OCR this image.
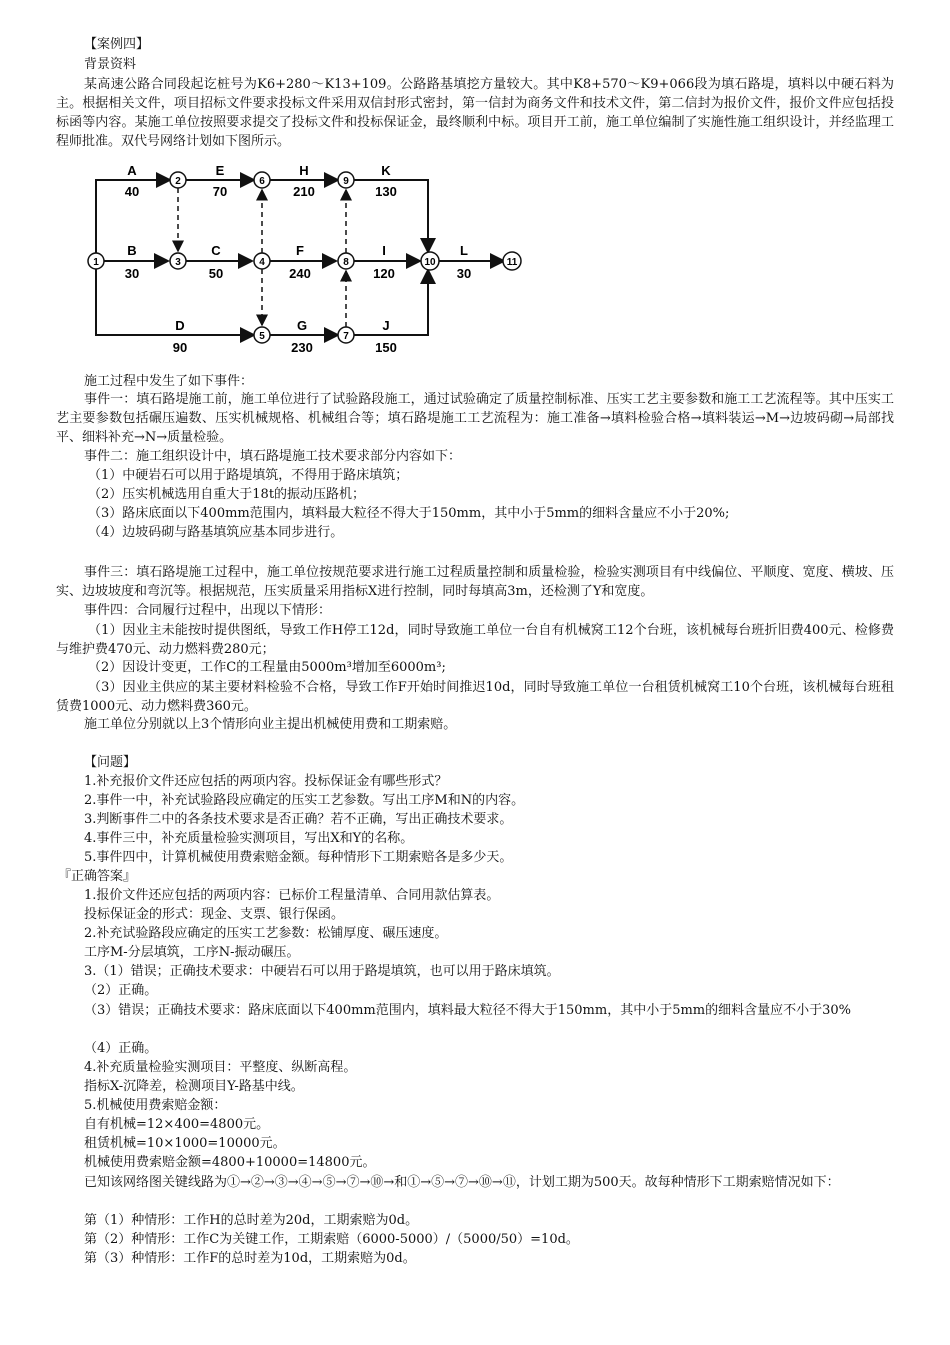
【案例四】
背景资料
某高速公路合同段起讫桩号为K6+280～K13+109。公路路基填挖方量较大。其中K8+570～K9+066段为填石路堤，填料以中硬石料为主。根据相关文件，项目招标文件要求投标文件采用双信封形式密封，第一信封为商务文件和技术文件，第二信封为报价文件，报价文件应包括投标函等内容。某施工单位按照要求提交了投标文件和投标保证金，最终顺利中标。项目开工前，施工单位编制了实施性施工组织设计，并经监理工程师批准。双代号网络计划如下图所示。
A
40
E
70
H
210
K
130
B
30
C
50
F
240
I
120
L
30
D
90
G
230
J
150
1
2
3	4
5
6
7
8
9
10	11
施工过程中发生了如下事件：
事件一：填石路堤施工前，施工单位进行了试验路段施工，通过试验确定了质量控制标准、压实工艺主要参数和施工工艺流程等。其中压实工艺主要参数包括碾压遍数、压实机械规格、机械组合等；填石路堤施工工艺流程为：施工准备→填料检验合格→填料装运→M→边坡码砌→局部找平、细料补充→N→质量检验。
事件二：施工组织设计中，填石路堤施工技术要求部分内容如下：
（1）中硬岩石可以用于路堤填筑，不得用于路床填筑；
（2）压实机械选用自重大于18t的振动压路机；
（3）路床底面以下400mm范围内，填料最大粒径不得大于150mm，其中小于5mm的细料含量应不小于20%;
（4）边坡码砌与路基填筑应基本同步进行。
事件三：填石路堤施工过程中，施工单位按规范要求进行施工过程质量控制和质量检验，检验实测项目有中线偏位、平顺度、宽度、横坡、压实、边坡坡度和弯沉等。根据规范，压实质量采用指标X进行控制，同时每填高3m，还检测了Y和宽度。
事件四：合同履行过程中，出现以下情形：
（1）因业主未能按时提供图纸，导致工作H停工12d，同时导致施工单位一台自有机械窝工12个台班，该机械每台班折旧费400元、检修费与维护费470元、动力燃料费280元；
（2）因设计变更，工作C的工程量由5000m³增加至6000m³;
（3）因业主供应的某主要材料检验不合格，导致工作F开始时间推迟10d，同时导致施工单位一台租赁机械窝工10个台班，该机械每台班租赁费1000元、动力燃料费360元。
施工单位分别就以上3个情形向业主提出机械使用费和工期索赔。
【问题】
1.补充报价文件还应包括的两项内容。投标保证金有哪些形式？
2.事件一中，补充试验路段应确定的压实工艺参数。写出工序M和N的内容。
3.判断事件二中的各条技术要求是否正确？若不正确，写出正确技术要求。
4.事件三中，补充质量检验实测项目，写出X和Y的名称。
5.事件四中，计算机械使用费索赔金额。每种情形下工期索赔各是多少天。
『正确答案』
1.报价文件还应包括的两项内容：已标价工程量清单、合同用款估算表。
投标保证金的形式：现金、支票、银行保函。
2.补充试验路段应确定的压实工艺参数：松铺厚度、碾压速度。
工序M-分层填筑，工序N-振动碾压。
3.（1）错误；正确技术要求：中硬岩石可以用于路堤填筑，也可以用于路床填筑。
（2）正确。
（3）错误；正确技术要求：路床底面以下400mm范围内，填料最大粒径不得大于150mm，其中小于5mm的细料含量应不小于30%
（4）正确。
4.补充质量检验实测项目：平整度、纵断高程。
指标X-沉降差，检测项目Y-路基中线。
5.机械使用费索赔金额：
自有机械=12×400=4800元。
租赁机械=10×1000=10000元。
机械使用费索赔金额=4800+10000=14800元。
已知该网络图关键线路为①→②→③→④→⑤→⑦→⑩→和①→⑤→⑦→⑩→⑪，计划工期为500天。故每种情形下工期索赔情况如下：
第（1）种情形：工作H的总时差为20d，工期索赔为0d。
第（2）种情形：工作C为关键工作，工期索赔（6000-5000）/（5000/50）=10d。
第（3）种情形：工作F的总时差为10d，工期索赔为0d。
